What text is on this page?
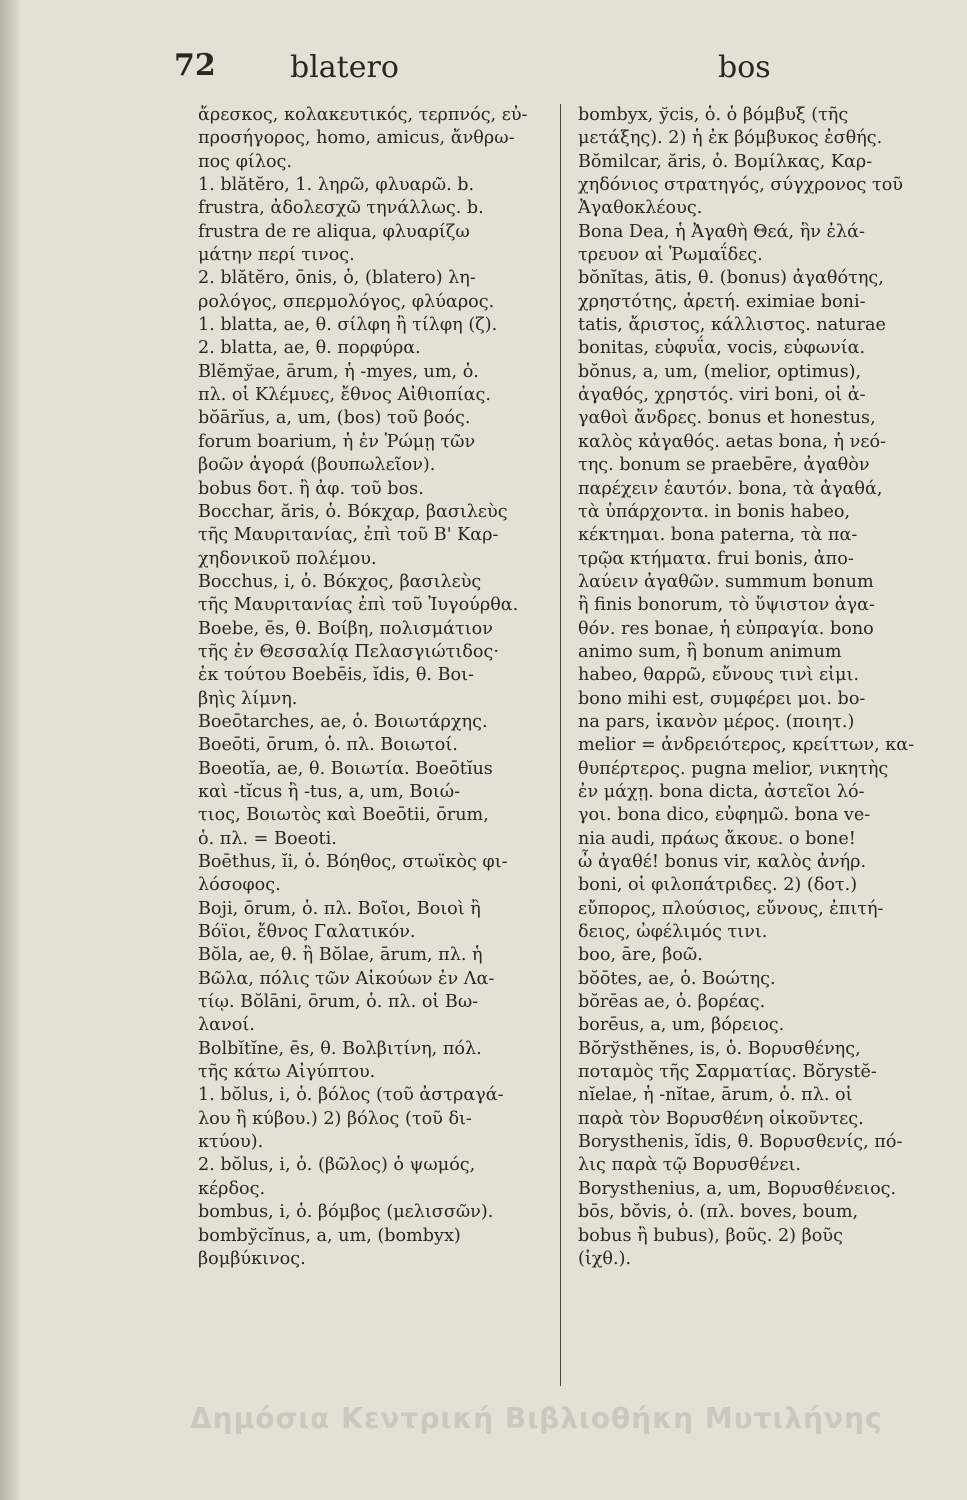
72 blatero	bos
ἄρεσκος, κολακευτικός, τερπνός, εὐ-
προσήγορος, homo, amicus, ἄνθρω-
πος φίλος.
1. blătĕro, 1. ληρῶ, φλυαρῶ. b.
frustra, ἀδολεσχῶ τηνάλλως. b.
frustra de re aliqua, φλυαρίζω
μάτην περί τινος.
2. blătĕro, ōnis, ὁ, (blatero) λη-
ρολόγος, σπερμολόγος, φλύαρος.
1. blatta, ae, θ. σίλφη ἢ τίλφη (ζ).
2. blatta, ae, θ. πορφύρα.
Blĕmўae, ārum, ἡ -myes, um, ὁ.
πλ. οἱ Κλέμυες, ἔθνος Αἰθιοπίας.
bŏārĭus, a, um, (bos) τοῦ βοός.
forum boarium, ἡ ἐν Ῥώμῃ τῶν
βοῶν ἀγορά (βουπωλεῖον).
bobus δοτ. ἢ ἀφ. τοῦ bos.
Bocchar, ăris, ὁ. Βόκχαρ, βασιλεὺς
τῆς Μαυριτανίας, ἐπὶ τοῦ Β' Καρ-
χηδονικοῦ πολέμου.
Bocchus, i, ὁ. Βόκχος, βασιλεὺς
τῆς Μαυριτανίας ἐπὶ τοῦ Ἰυγούρθα.
Boebe, ēs, θ. Βοίβη, πολισμάτιον
τῆς ἐν Θεσσαλίᾳ Πελασγιώτιδος·
ἐκ τούτου Boebēis, ĭdis, θ. Βοι-
βηὶς λίμνη.
Boeōtarches, ae, ὁ. Βοιωτάρχης.
Boeōti, ōrum, ὁ. πλ. Βοιωτοί.
Boeotĭa, ae, θ. Βοιωτία. Boeōtĭus
καὶ -tĭcus ἢ -tus, a, um, Βοιώ-
τιος, Βοιωτὸς καὶ Boeōtii, ōrum,
ὁ. πλ. = Boeoti.
Boēthus, ĭi, ὁ. Βόηθος, στωϊκὸς φι-
λόσοφος.
Boji, ōrum, ὁ. πλ. Βοῖοι, Βοιοὶ ἢ
Βόϊοι, ἔθνος Γαλατικόν.
Bŏla, ae, θ. ἢ Bŏlae, ārum, πλ. ἡ
Βῶλα, πόλις τῶν Αἰκούων ἐν Λα-
τίῳ. Bŏlāni, ōrum, ὁ. πλ. οἱ Βω-
λανοί.
Bolbĭtĭne, ēs, θ. Βολβιτίνη, πόλ.
τῆς κάτω Αἰγύπτου.
1. bŏlus, i, ὁ. βόλος (τοῦ ἀστραγά-
λου ἢ κύβου.) 2) βόλος (τοῦ δι-
κτύου).
2. bŏlus, i, ὁ. (βῶλος) ὁ ψωμός,
κέρδος.
bombus, i, ὁ. βόμβος (μελισσῶν).
bombўcĭnus, a, um, (bombyx)
βομβύκινος.
bombyx, ўcis, ὁ. ὁ βόμβυξ (τῆς
μετάξης). 2) ἡ ἐκ βόμβυκος ἐσθής.
Bŏmilcar, ăris, ὁ. Βομίλκας, Καρ-
χηδόνιος στρατηγός, σύγχρονος τοῦ
Ἀγαθοκλέους.
Bona Dea, ἡ Ἀγαθὴ Θεά, ἣν ἐλά-
τρευον αἱ Ῥωμαΐδες.
bŏnĭtas, ātis, θ. (bonus) ἀγαθότης,
χρηστότης, ἀρετή. eximiae boni-
tatis, ἄριστος, κάλλιστος. naturae
bonitas, εὐφυΐα, vocis, εὐφωνία.
bŏnus, a, um, (melior, optimus),
ἀγαθός, χρηστός. viri boni, οἱ ἀ-
γαθοὶ ἄνδρες. bonus et honestus,
καλὸς κἀγαθός. aetas bona, ἡ νεό-
της. bonum se praebēre, ἀγαθὸν
παρέχειν ἑαυτόν. bona, τὰ ἀγαθά,
τὰ ὑπάρχοντα. in bonis habeo,
κέκτημαι. bona paterna, τὰ πα-
τρῷα κτήματα. frui bonis, ἀπο-
λαύειν ἀγαθῶν. summum bonum
ἢ finis bonorum, τὸ ὕψιστον ἀγα-
θόν. res bonae, ἡ εὐπραγία. bono
animo sum, ἢ bonum animum
habeo, θαρρῶ, εὔνους τινὶ εἰμι.
bono mihi est, συμφέρει μοι. bo-
na pars, ἱκανὸν μέρος. (ποιητ.)
melior = ἀνδρειότερος, κρείττων, κα-
θυπέρτερος. pugna melior, νικητὴς
ἐν μάχῃ. bona dicta, ἀστεῖοι λό-
γοι. bona dico, εὐφημῶ. bona ve-
nia audi, πράως ἄκουε. o bone!
ὦ ἀγαθέ! bonus vir, καλὸς ἀνήρ.
boni, οἱ φιλοπάτριδες. 2) (δοτ.)
εὔπορος, πλούσιος, εὔνους, ἐπιτή-
δειος, ὠφέλιμός τινι.
boo, āre, βοῶ.
bŏōtes, ae, ὁ. Βοώτης.
bŏrēas ae, ὁ. βορέας.
borēus, a, um, βόρειος.
Bŏrўsthĕnes, is, ὁ. Βορυσθένης,
ποταμὸς τῆς Σαρματίας. Bŏrystĕ-
nĭelae, ἡ -nĭtae, ārum, ὁ. πλ. οἱ
παρὰ τὸν Βορυσθένη οἰκοῦντες.
Borysthenis, ĭdis, θ. Βορυσθενίς, πό-
λις παρὰ τῷ Βορυσθένει.
Borysthenius, a, um, Βορυσθένειος.
bōs, bŏvis, ὁ. (πλ. boves, boum,
bobus ἢ bubus), βοῦς. 2) βοῦς
(ἰχθ.).
Δημόσια Κεντρική Βιβλιοθήκη Μυτιλήνης
